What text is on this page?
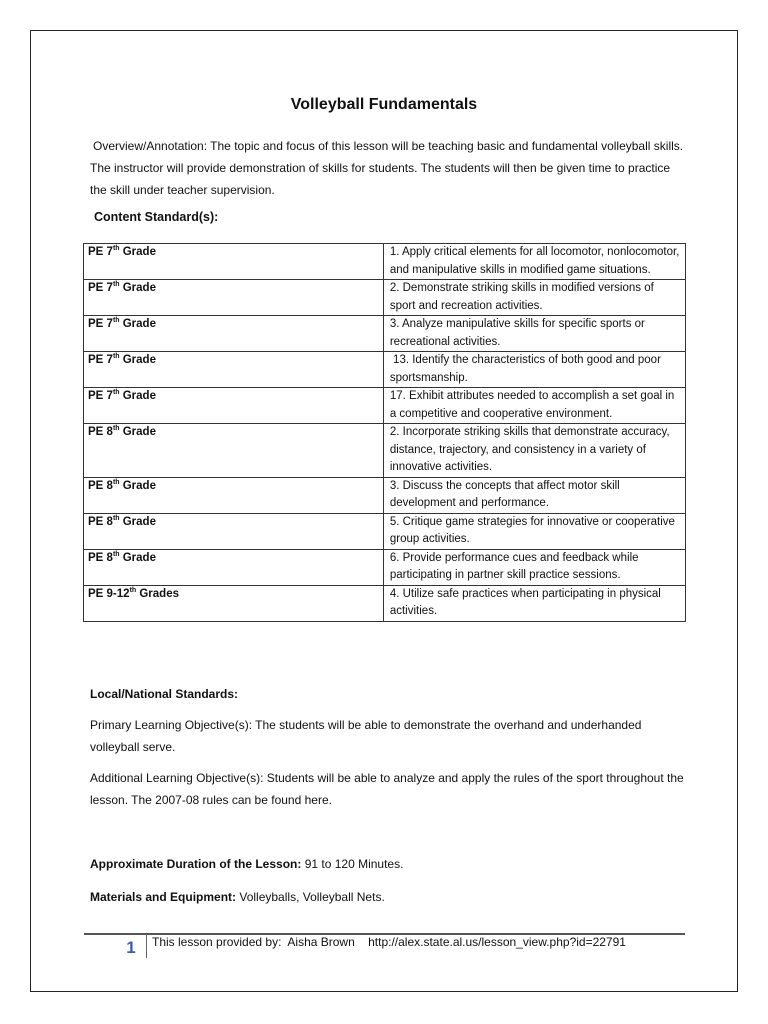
Volleyball Fundamentals
Overview/Annotation: The topic and focus of this lesson will be teaching basic and fundamental volleyball skills. The instructor will provide demonstration of skills for students. The students will then be given time to practice the skill under teacher supervision.
Content Standard(s):
PE 7th Grade	1. Apply critical elements for all locomotor, nonlocomotor, and manipulative skills in modified game situations.
PE 7th Grade	2. Demonstrate striking skills in modified versions of sport and recreation activities.
PE 7th Grade	3. Analyze manipulative skills for specific sports or recreational activities.
PE 7th Grade	13. Identify the characteristics of both good and poor sportsmanship.
PE 7th Grade	17. Exhibit attributes needed to accomplish a set goal in a competitive and cooperative environment.
PE 8th Grade	2. Incorporate striking skills that demonstrate accuracy, distance, trajectory, and consistency in a variety of innovative activities.
PE 8th Grade	3. Discuss the concepts that affect motor skill development and performance.
PE 8th Grade	5. Critique game strategies for innovative or cooperative group activities.
PE 8th Grade	6. Provide performance cues and feedback while participating in partner skill practice sessions.
PE 9-12th Grades	4. Utilize safe practices when participating in physical activities.
Local/National Standards:
Primary Learning Objective(s): The students will be able to demonstrate the overhand and underhanded volleyball serve.
Additional Learning Objective(s): Students will be able to analyze and apply the rules of the sport throughout the lesson. The 2007-08 rules can be found here.
Approximate Duration of the Lesson: 91 to 120 Minutes.
Materials and Equipment: Volleyballs, Volleyball Nets.
1	This lesson provided by:  Aisha Brown    http://alex.state.al.us/lesson_view.php?id=22791
